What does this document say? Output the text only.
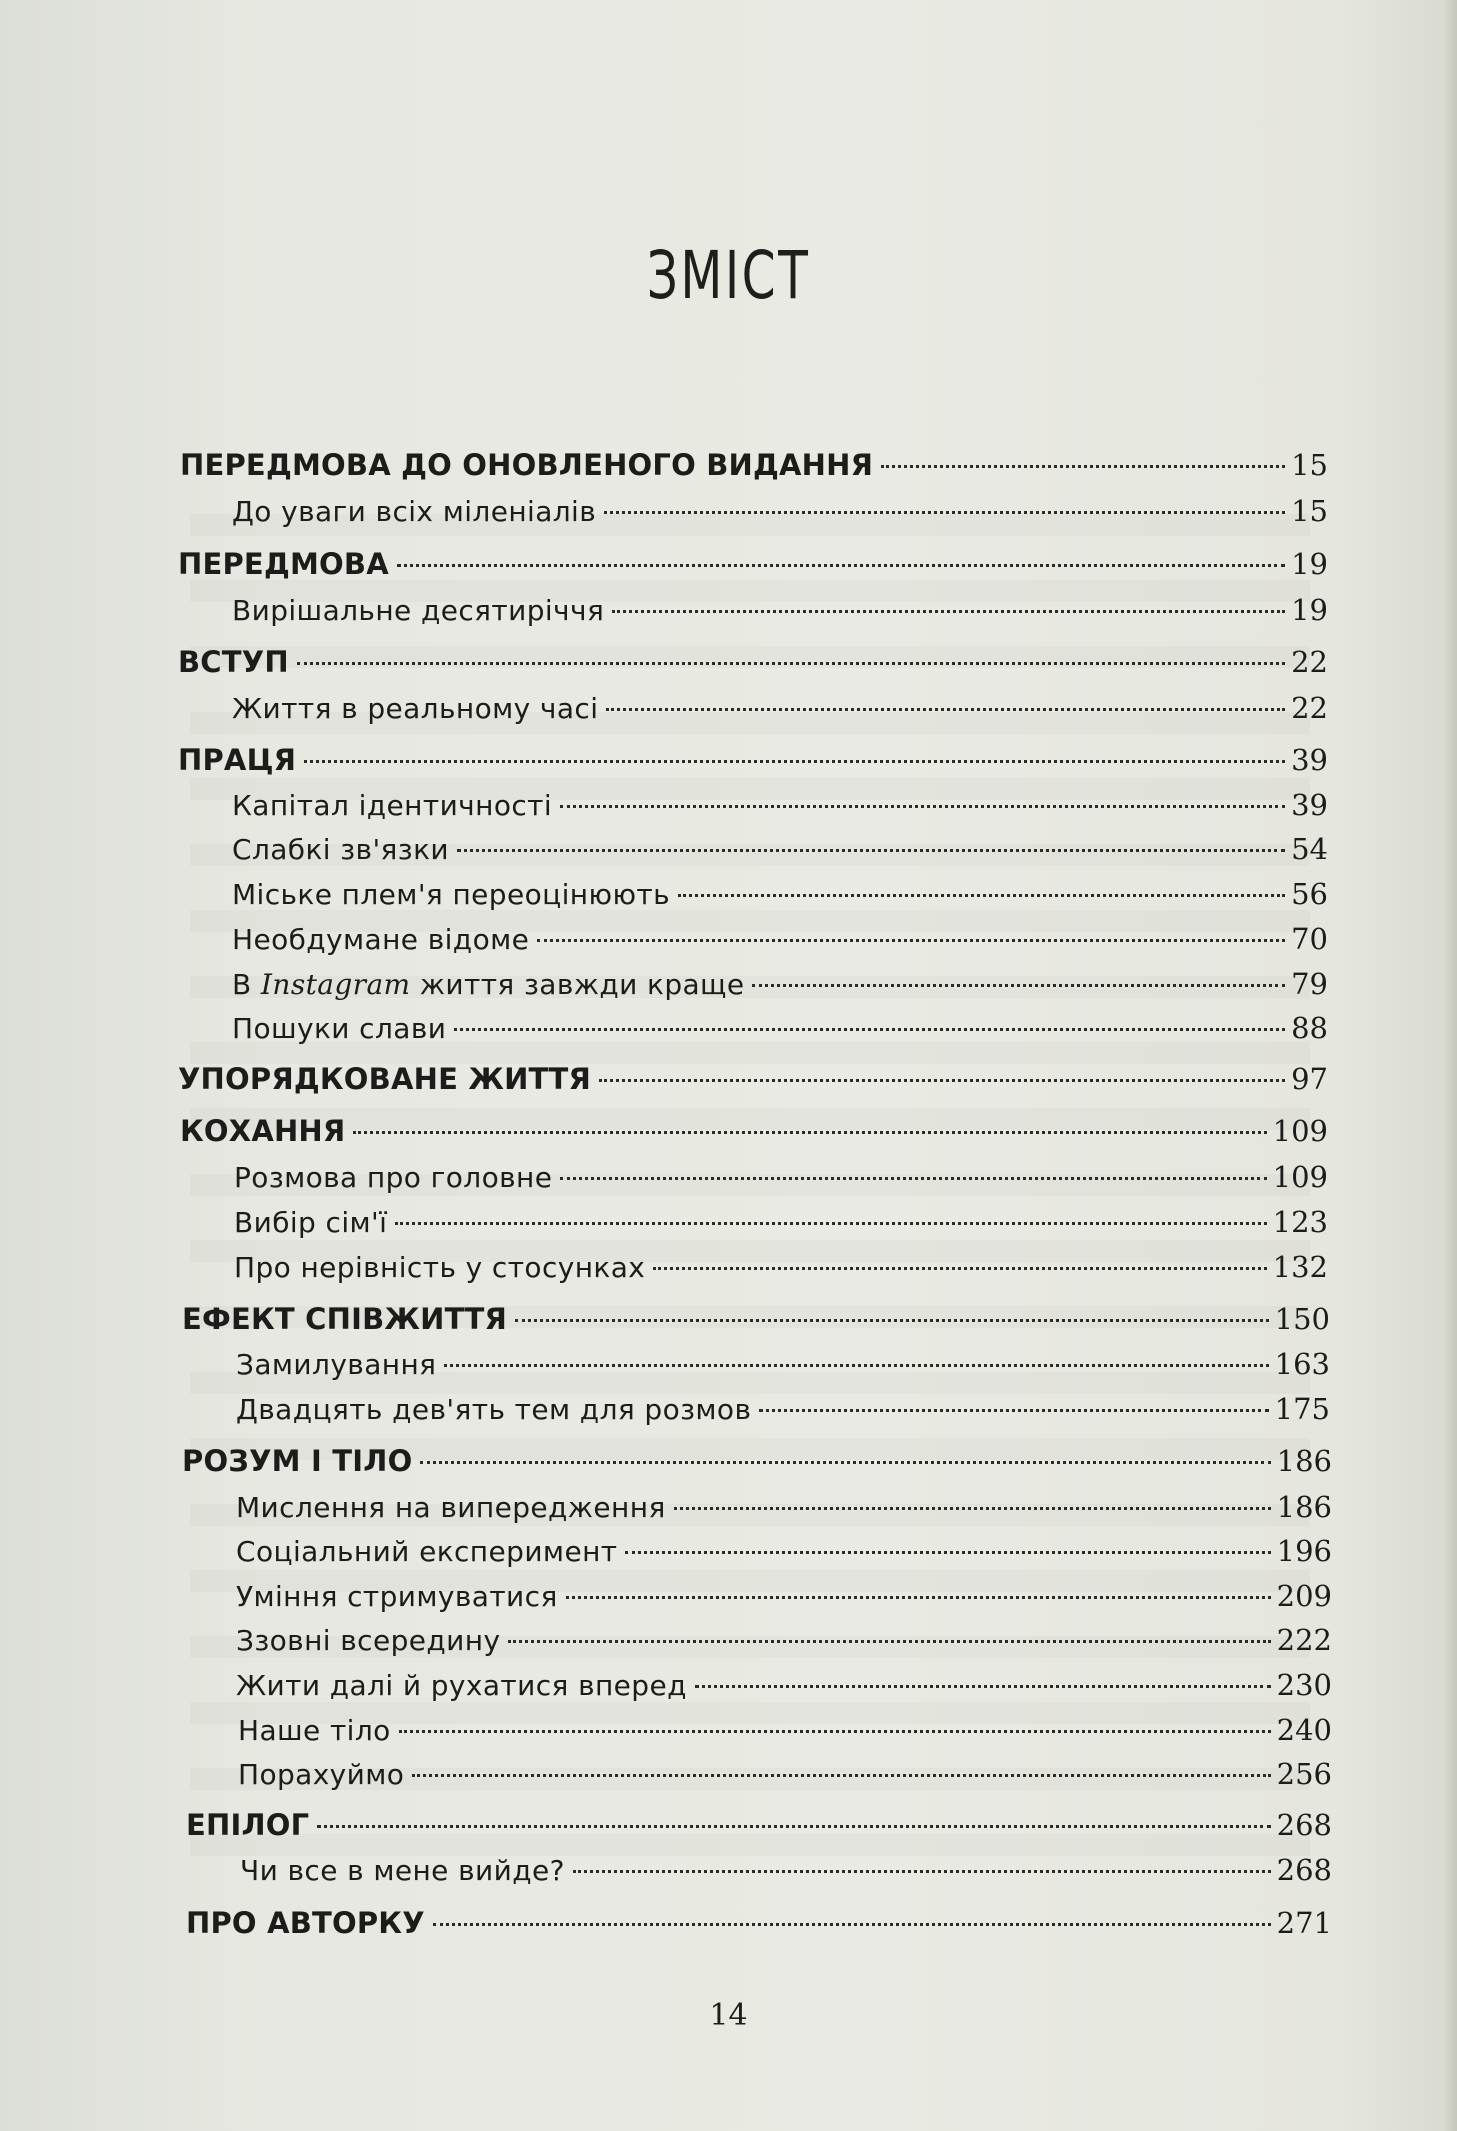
ЗМІСТ
ПЕРЕДМОВА ДО ОНОВЛЕНОГО ВИДАННЯ	15
До уваги всіх міленіалів	15
ПЕРЕДМОВА	19
Вирішальне десятиріччя	19
ВСТУП	22
Життя в реальному часі	22
ПРАЦЯ	39
Капітал ідентичності	39
Слабкі зв'язки	54
Міське плем'я переоцінюють	56
Необдумане відоме	70
В Instagram життя завжди краще	79
Пошуки слави	88
УПОРЯДКОВАНЕ ЖИТТЯ	97
КОХАННЯ	109
Розмова про головне	109
Вибір сім'ї	123
Про нерівність у стосунках	132
ЕФЕКТ СПІВЖИТТЯ	150
Замилування	163
Двадцять дев'ять тем для розмов	175
РОЗУМ І ТІЛО	186
Мислення на випередження	186
Соціальний експеримент	196
Уміння стримуватися	209
Ззовні всередину	222
Жити далі й рухатися вперед	230
Наше тіло	240
Порахуймо	256
ЕПІЛОГ	268
Чи все в мене вийде?	268
ПРО АВТОРКУ	271
14
